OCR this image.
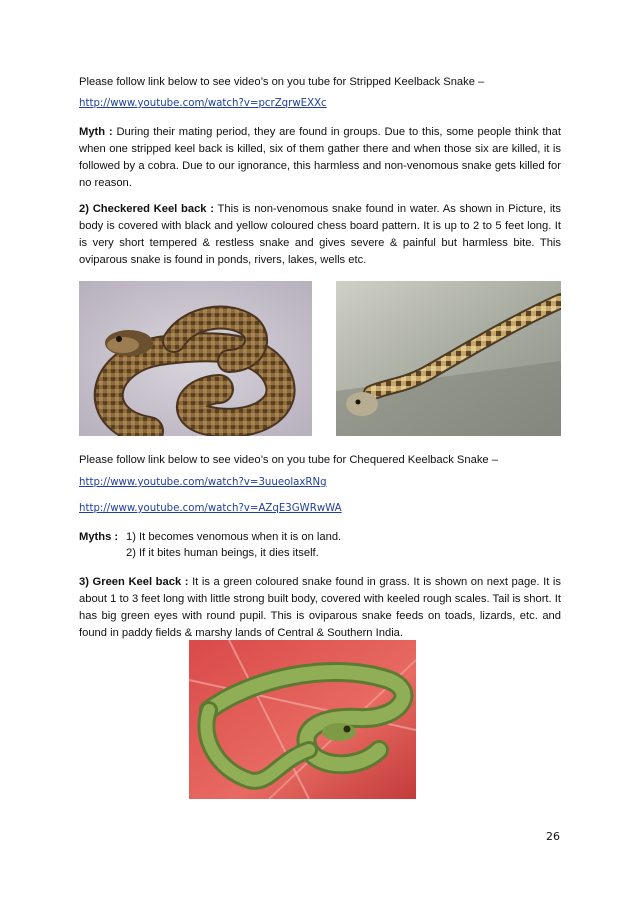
Please follow link below to see video’s on you tube for Stripped Keelback Snake –
http://www.youtube.com/watch?v=pcrZqrwEXXc
Myth : During their mating period, they are found in groups. Due to this, some people think that when one stripped keel back is killed, six of them gather there and when those six are killed, it is followed by a cobra. Due to our ignorance, this harmless and non-venomous snake gets killed for no reason.
2) Checkered Keel back : This is non-venomous snake found in water. As shown in Picture, its body is covered with black and yellow coloured chess board pattern. It is up to 2 to 5 feet long. It is very short tempered & restless snake and gives severe & painful but harmless bite. This oviparous snake is found in ponds, rivers, lakes, wells etc.
Please follow link below to see video’s on you tube for Chequered Keelback Snake –
http://www.youtube.com/watch?v=3uueolaxRNg
http://www.youtube.com/watch?v=AZqE3GWRwWA
Myths : 1) It becomes venomous when it is on land.
2) If it bites human beings, it dies itself.
3) Green Keel back : It is a green coloured snake found in grass. It is shown on next page. It is about 1 to 3 feet long with little strong built body, covered with keeled rough scales. Tail is short. It has big green eyes with round pupil. This is oviparous snake feeds on toads, lizards, etc. and found in paddy fields & marshy lands of Central & Southern India.
26
